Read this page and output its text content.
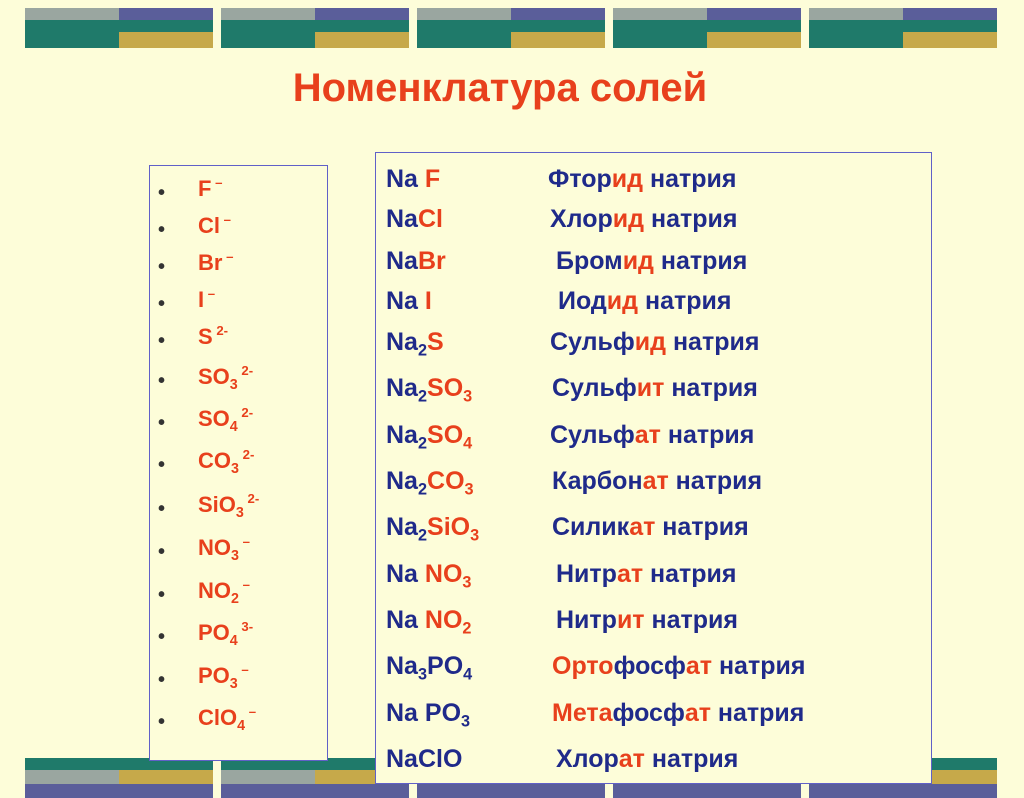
Номенклатура солей
• F –
• Cl –
• Br –
• I –
• S $^{2-}$
• $SO_3$ $^{2-}$
• $SO_4$ $^{2-}$
• $CO_3$ $^{2-}$
• SiO$_3$ $^{2-}$
• $NO_3$ –
• $NO_2$ –
• $PO_4$ $^{3-}$
• $PO_3$ –
• ClO$_4$ –
Na F	Фторид натрия
NaCl	Хлорид натрия
NaBr	Бромид натрия
Na I	Иодид натрия
$Na_2S$	Сульфид натрия
$Na_2SO_3$	Сульфит натрия
$Na_2SO_4$	Сульфат натрия
$Na_2CO_3$	Карбонат натрия
$Na_2SiO_3$	Силикат натрия
Na $NO_3$	Нитрат натрия
Na $NO_2$	Нитрит натрия
$Na_3PO_4$	Ортофосфат натрия
Na $PO_3$	Метафосфат натрия
NaClO	Хлорат натрия
